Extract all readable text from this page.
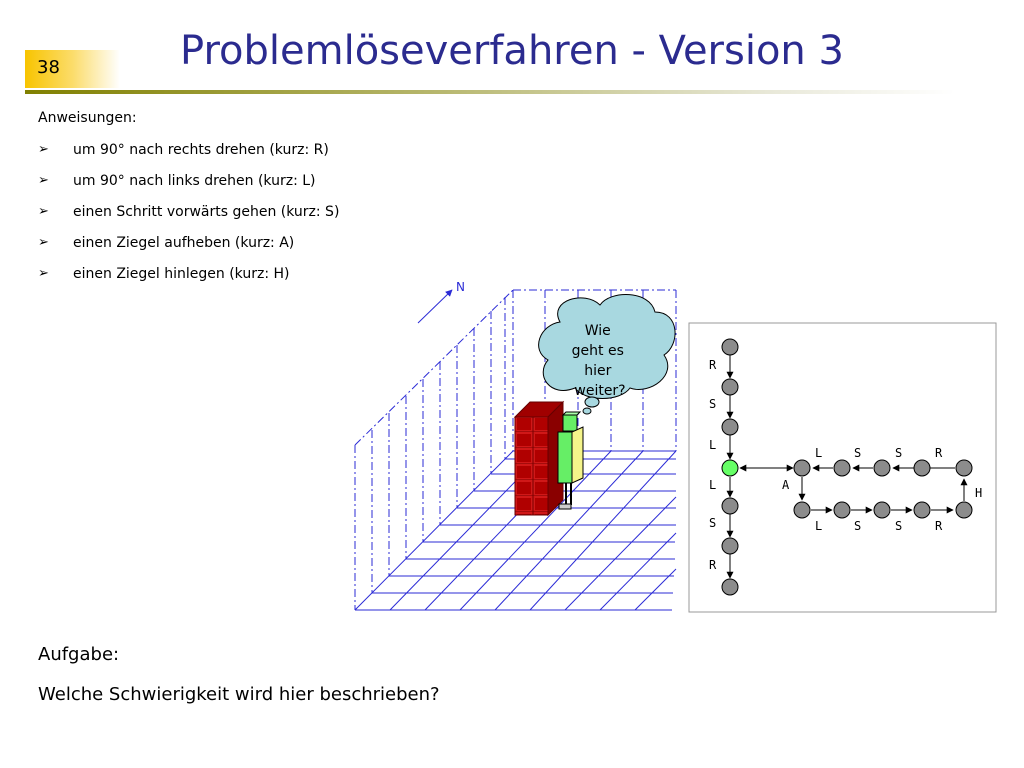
38	Problemlöseverfahren - Version 3
Anweisungen:
➢ um 90° nach rechts drehen (kurz: R)
➢ um 90° nach links drehen (kurz: L)
➢ einen Schritt vorwärts gehen (kurz: S)
➢ einen Ziegel aufheben (kurz: A)
➢ einen Ziegel hinlegen (kurz: H)
N
Wie geht es hier weiter?
R
S
L
L
S
R
L	S	S	R
L	S	S	R
A
H
Aufgabe:
Welche Schwierigkeit wird hier beschrieben?
